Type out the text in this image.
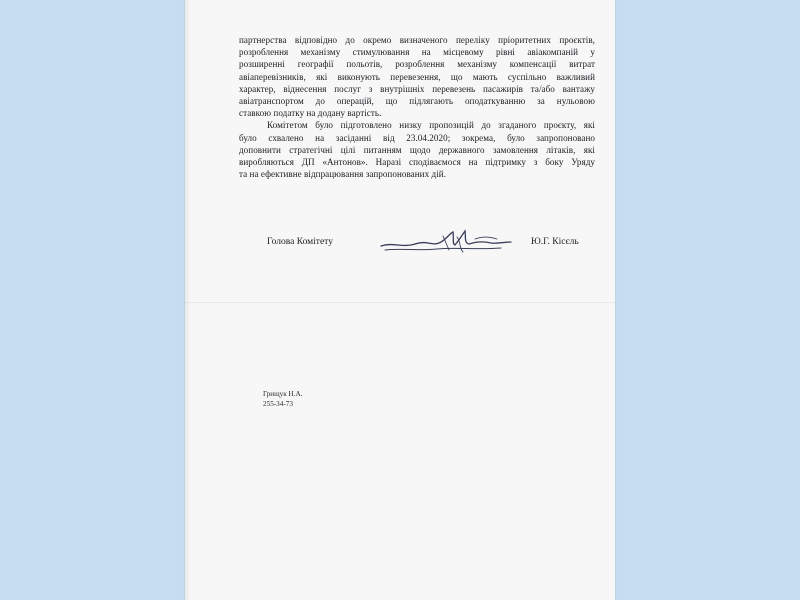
партнерства відповідно до окремо визначеного переліку пріоритетних проєктів,
розроблення механізму стимулювання на місцевому рівні авіакомпаній у
розширенні географії польотів, розроблення механізму компенсації витрат
авіаперевізників, які виконують перевезення, що мають суспільно важливий
характер, віднесення послуг з внутрішніх перевезень пасажирів та/або вантажу
авіатранспортом до операцій, що підлягають оподаткуванню за нульовою
ставкою податку на додану вартість.

Комітетом було підготовлено низку пропозицій до згаданого проєкту, які
було схвалено на засіданні від 23.04.2020; зокрема, було запропоновано
доповнити стратегічні цілі питанням щодо державного замовлення літаків, які
виробляються ДП «Антонов». Наразі сподіваємося на підтримку з боку Уряду
та на ефективне відпрацювання запропонованих дій.

Голова Комітету	Ю.Г. Кісєль
Грищук Н.А.
255-34-73
